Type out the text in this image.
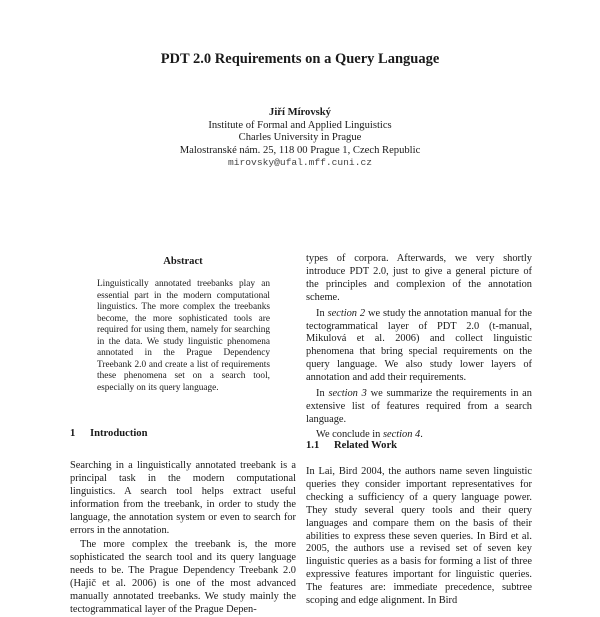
PDT 2.0 Requirements on a Query Language
Jiří Mírovský
Institute of Formal and Applied Linguistics
Charles University in Prague
Malostranské nám. 25, 118 00 Prague 1, Czech Republic
mirovsky@ufal.mff.cuni.cz
Abstract
Linguistically annotated treebanks play an essential part in the modern computational linguistics. The more complex the treebanks become, the more sophisticated tools are required for using them, namely for searching in the data. We study linguistic phenomena annotated in the Prague Dependency Treebank 2.0 and create a list of requirements these phenomena set on a search tool, especially on its query language.
1 Introduction

Searching in a linguistically annotated treebank is a principal task in the modern computational linguistics. A search tool helps extract useful information from the treebank, in order to study the language, the annotation system or even to search for errors in the annotation.

The more complex the treebank is, the more sophisticated the search tool and its query language needs to be. The Prague Dependency Treebank 2.0 (Hajič et al. 2006) is one of the most advanced manually annotated treebanks. We study mainly the tectogrammatical layer of the Prague Depen-

types of corpora. Afterwards, we very shortly introduce PDT 2.0, just to give a general picture of the principles and complexion of the annotation scheme.

In section 2 we study the annotation manual for the tectogrammatical layer of PDT 2.0 (t-manual, Mikulová et al. 2006) and collect linguistic phenomena that bring special requirements on the query language. We also study lower layers of annotation and add their requirements.

In section 3 we summarize the requirements in an extensive list of features required from a search language.

We conclude in section 4.

1.1 Related Work

In Lai, Bird 2004, the authors name seven linguistic queries they consider important representatives for checking a sufficiency of a query language power. They study several query tools and their query languages and compare them on the basis of their abilities to express these seven queries. In Bird et al. 2005, the authors use a revised set of seven key linguistic queries as a basis for forming a list of three expressive features important for linguistic queries. The features are: immediate precedence, subtree scoping and edge alignment. In Bird
